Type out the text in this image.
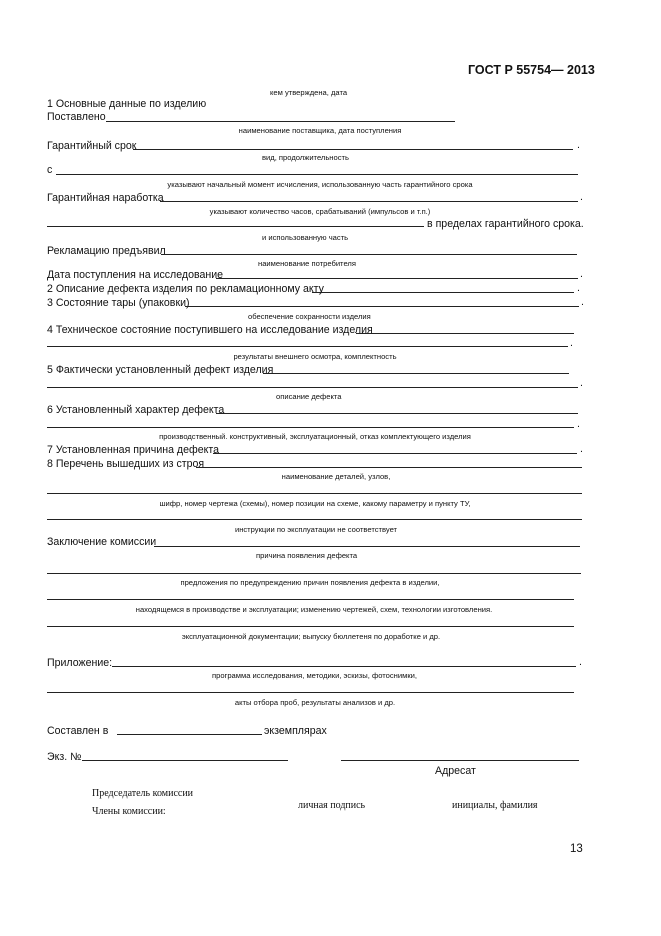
ГОСТ Р 55754— 2013
кем утверждена, дата
1 Основные данные по изделию
Поставлено
наименование поставщика, дата поступления
Гарантийный срок	.
вид, продолжительность
с
указывают начальный момент исчисления, использованную часть гарантийного срока
Гарантийная наработка	.
указывают количество часов, срабатываний (импульсов и т.п.)
в пределах гарантийного срока.
и использованную часть
Рекламацию предъявил
наименование потребителя
Дата поступления на исследование	.
2 Описание дефекта изделия по рекламационному акту	.
3 Состояние тары (упаковки)	.
обеспечение сохранности изделия
4 Техническое состояние поступившего на исследование изделия
.
результаты внешнего осмотра, комплектность
5 Фактически установленный дефект изделия
.
описание дефекта
6 Установленный характер дефекта
.
производственный. конструктивный, эксплуатационный, отказ комплектующего изделия
7 Установленная причина дефекта	.
8 Перечень вышедших из строя
наименование деталей, узлов,
шифр, номер чертежа (схемы), номер позиции на схеме, какому параметру и пункту ТУ,
инструкции по эксплуатации не соответствует
Заключение комиссии
причина появления дефекта
предложения по предупреждению причин появления дефекта в изделии,
находящемся в производстве и эксплуатации; изменению чертежей, схем, технологии изготовления.
эксплуатационной документации; выпуску бюллетеня по доработке и др.
Приложение:	.
программа исследования, методики, эскизы, фотоснимки,
акты отбора проб, результаты анализов и др.
Составлен в	экземплярах
Экз. №
Адресат
Председатель комиссии
личная подпись	инициалы, фамилия
Члены комиссии:
13
